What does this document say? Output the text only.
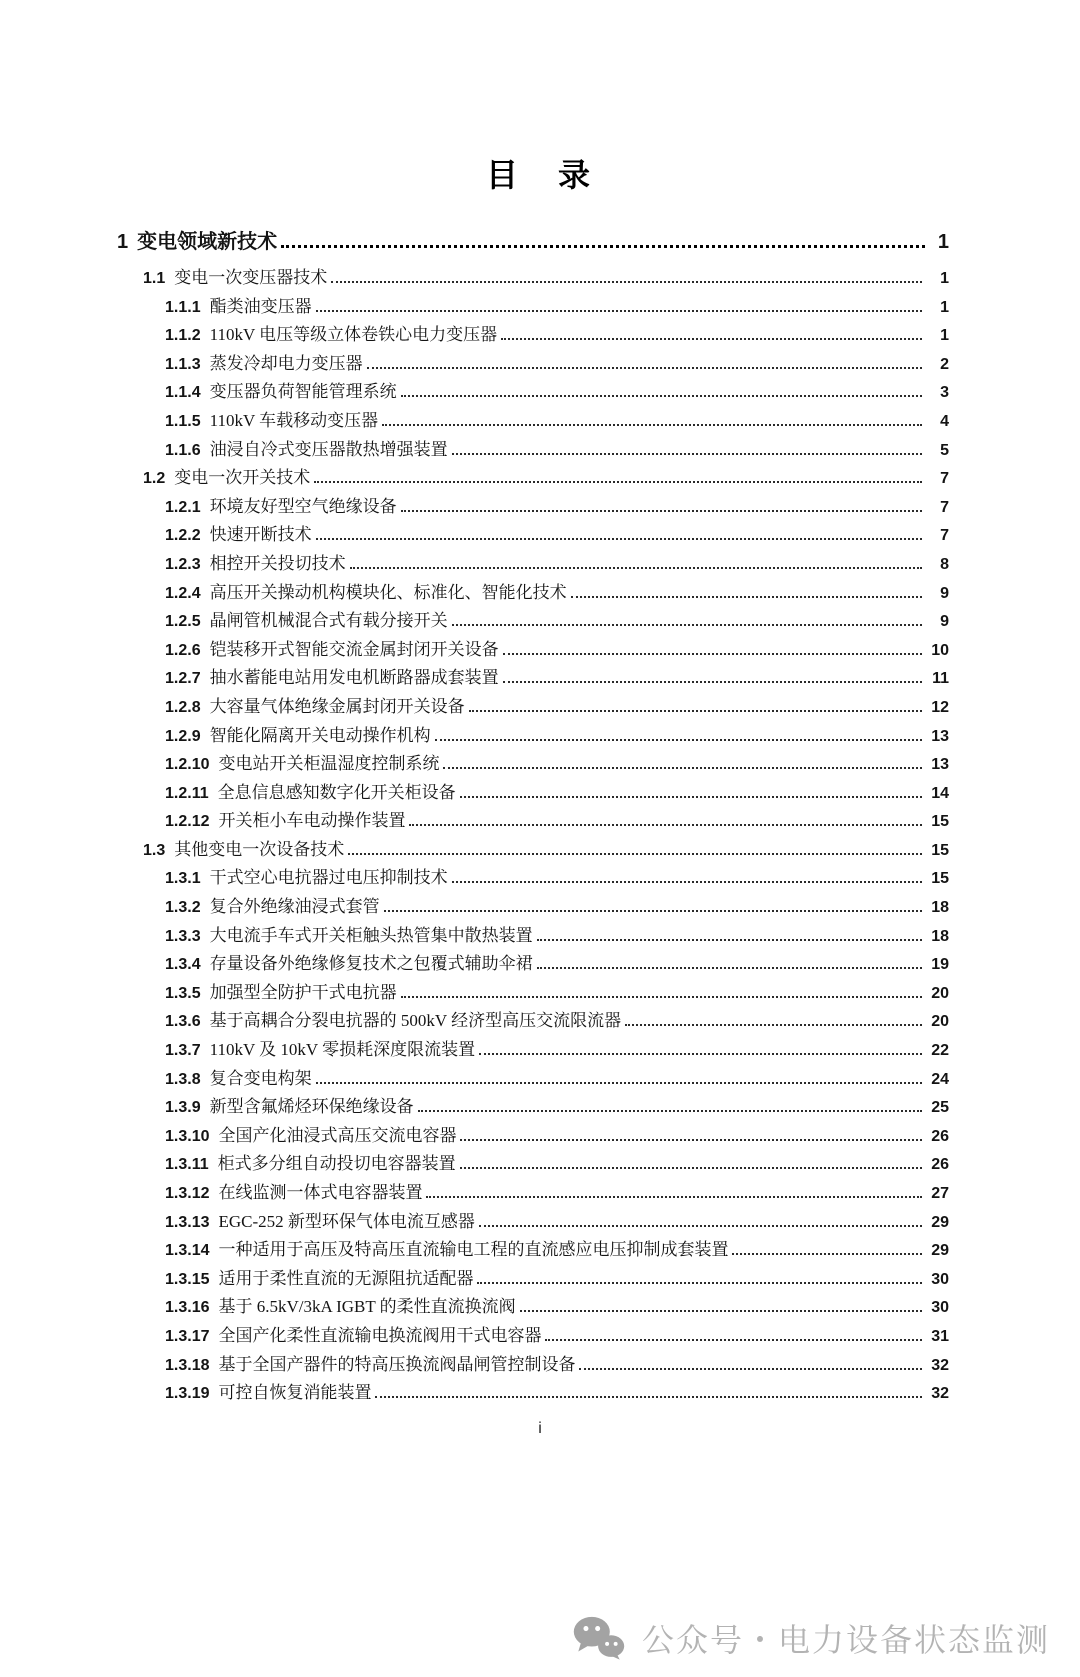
目　录
1 变电领域新技术	1
1.1 变电一次变压器技术	1
1.1.1 酯类油变压器	1
1.1.2 110kV 电压等级立体卷铁心电力变压器	1
1.1.3 蒸发冷却电力变压器	2
1.1.4 变压器负荷智能管理系统	3
1.1.5 110kV 车载移动变压器	4
1.1.6 油浸自冷式变压器散热增强装置	5
1.2 变电一次开关技术	7
1.2.1 环境友好型空气绝缘设备	7
1.2.2 快速开断技术	7
1.2.3 相控开关投切技术	8
1.2.4 高压开关操动机构模块化、标准化、智能化技术	9
1.2.5 晶闸管机械混合式有载分接开关	9
1.2.6 铠装移开式智能交流金属封闭开关设备	10
1.2.7 抽水蓄能电站用发电机断路器成套装置	11
1.2.8 大容量气体绝缘金属封闭开关设备	12
1.2.9 智能化隔离开关电动操作机构	13
1.2.10 变电站开关柜温湿度控制系统	13
1.2.11 全息信息感知数字化开关柜设备	14
1.2.12 开关柜小车电动操作装置	15
1.3 其他变电一次设备技术	15
1.3.1 干式空心电抗器过电压抑制技术	15
1.3.2 复合外绝缘油浸式套管	18
1.3.3 大电流手车式开关柜触头热管集中散热装置	18
1.3.4 存量设备外绝缘修复技术之包覆式辅助伞裙	19
1.3.5 加强型全防护干式电抗器	20
1.3.6 基于高耦合分裂电抗器的 500kV 经济型高压交流限流器	20
1.3.7 110kV 及 10kV 零损耗深度限流装置	22
1.3.8 复合变电构架	24
1.3.9 新型含氟烯烃环保绝缘设备	25
1.3.10 全国产化油浸式高压交流电容器	26
1.3.11 柜式多分组自动投切电容器装置	26
1.3.12 在线监测一体式电容器装置	27
1.3.13 EGC-252 新型环保气体电流互感器	29
1.3.14 一种适用于高压及特高压直流输电工程的直流感应电压抑制成套装置	29
1.3.15 适用于柔性直流的无源阻抗适配器	30
1.3.16 基于 6.5kV/3kA IGBT 的柔性直流换流阀	30
1.3.17 全国产化柔性直流输电换流阀用干式电容器	31
1.3.18 基于全国产器件的特高压换流阀晶闸管控制设备	32
1.3.19 可控自恢复消能装置	32
i
公众号・电力设备状态监测
